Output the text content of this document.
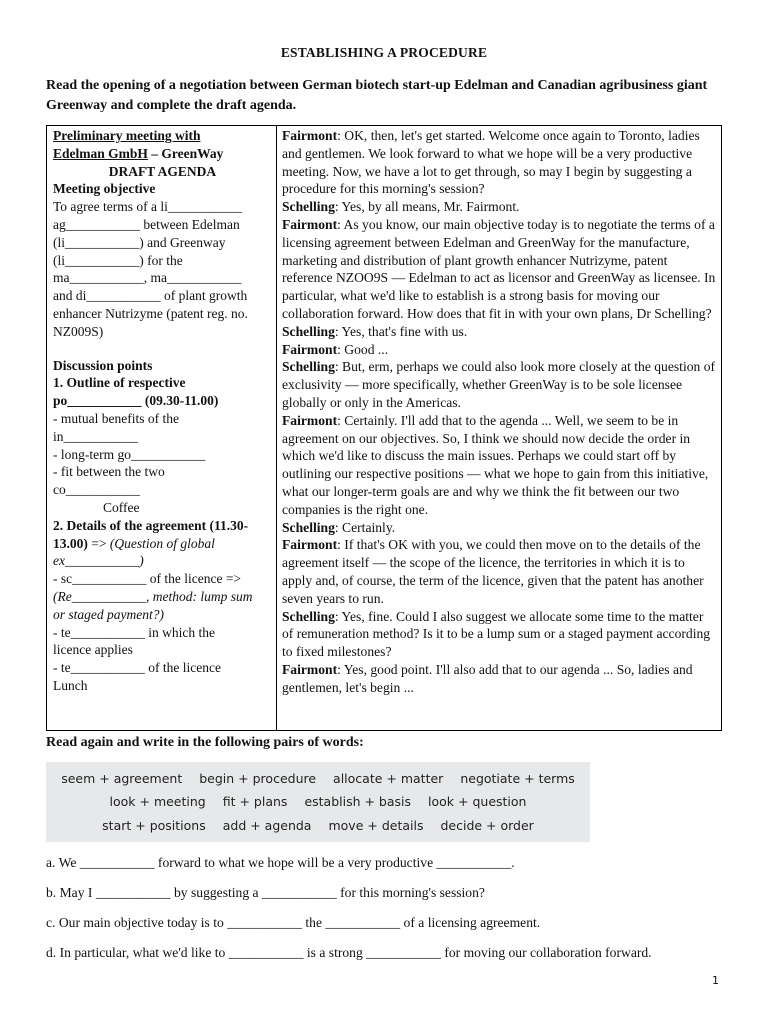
ESTABLISHING A PROCEDURE
Read the opening of a negotiation between German biotech start-up Edelman and Canadian agribusiness giant Greenway and complete the draft agenda.

Preliminary meeting with

Edelman GmbH – GreenWay

DRAFT AGENDA

Meeting objective

To agree terms of a li___________

ag___________ between Edelman

(li___________) and Greenway

(li___________) for the

ma___________, ma___________

and di___________ of plant growth

enhancer Nutrizyme (patent reg. no.

NZ009S)

Discussion points

1. Outline of respective

po___________ (09.30-11.00)

- mutual benefits of the

in___________

- long-term go___________

- fit between the two

co___________

Coffee

2. Details of the agreement (11.30-

13.00) => (Question of global

ex___________)

- sc___________ of the licence =>

(Re___________, method: lump sum

or staged payment?)

- te___________ in which the

licence applies

- te___________ of the licence

Lunch

Fairmont: OK, then, let's get started. Welcome once again to Toronto, ladies and gentlemen. We look forward to what we hope will be a very productive meeting. Now, we have a lot to get through, so may I begin by suggesting a procedure for this morning's session?

Schelling: Yes, by all means, Mr. Fairmont.

Fairmont: As you know, our main objective today is to negotiate the terms of a licensing agreement between Edelman and GreenWay for the manufacture, marketing and distribution of plant growth enhancer Nutrizyme, patent reference NZOO9S — Edelman to act as licensor and GreenWay as licensee. In particular, what we'd like to establish is a strong basis for moving our collaboration forward. How does that fit in with your own plans, Dr Schelling?

Schelling: Yes, that's fine with us.

Fairmont: Good ...

Schelling: But, erm, perhaps we could also look more closely at the question of exclusivity — more specifically, whether GreenWay is to be sole licensee globally or only in the Americas.

Fairmont: Certainly. I'll add that to the agenda ... Well, we seem to be in agreement on our objectives. So, I think we should now decide the order in which we'd like to discuss the main issues. Perhaps we could start off by outlining our respective positions — what we hope to gain from this initiative, what our longer-term goals are and why we think the fit between our two companies is the right one.

Schelling: Certainly.

Fairmont: If that's OK with you, we could then move on to the details of the agreement itself — the scope of the licence, the territories in which it is to apply and, of course, the term of the licence, given that the patent has another seven years to run.

Schelling: Yes, fine. Could I also suggest we allocate some time to the matter of remuneration method? Is it to be a lump sum or a staged payment according to fixed milestones?

Fairmont: Yes, good point. I'll also add that to our agenda ... So, ladies and gentlemen, let's begin ...

Read again and write in the following pairs of words:
seem + agreement begin + procedure allocate + matter negotiate + terms
look + meeting fit + plans establish + basis look + question
start + positions add + agenda move + details decide + order
a. We ___________ forward to what we hope will be a very productive ___________.
b. May I ___________ by suggesting a ___________ for this morning's session?
c. Our main objective today is to ___________ the ___________ of a licensing agreement.
d. In particular, what we'd like to ___________ is a strong ___________ for moving our collaboration forward.
1
